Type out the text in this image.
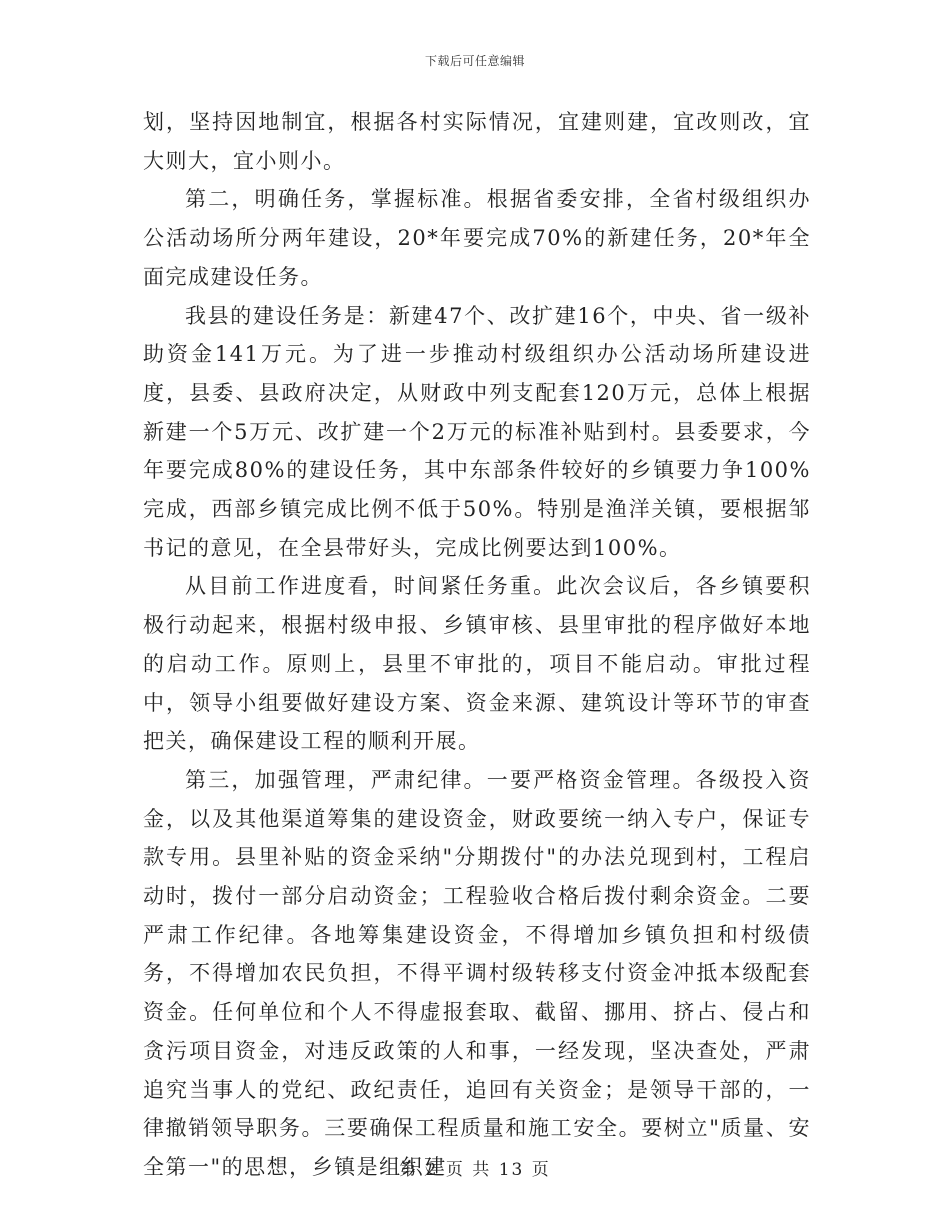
下载后可任意编辑

划，坚持因地制宜，根据各村实际情况，宜建则建，宜改则改，宜大则大，宜小则小。

第二，明确任务，掌握标准。根据省委安排，全省村级组织办公活动场所分两年建设，20*年要完成70%的新建任务，20*年全面完成建设任务。

我县的建设任务是：新建47个、改扩建16个，中央、省一级补助资金141万元。为了进一步推动村级组织办公活动场所建设进度，县委、县政府决定，从财政中列支配套120万元，总体上根据新建一个5万元、改扩建一个2万元的标准补贴到村。县委要求，今年要完成80%的建设任务，其中东部条件较好的乡镇要力争100%完成，西部乡镇完成比例不低于50%。特别是渔洋关镇，要根据邹书记的意见，在全县带好头，完成比例要达到100%。

从目前工作进度看，时间紧任务重。此次会议后，各乡镇要积极行动起来，根据村级申报、乡镇审核、县里审批的程序做好本地的启动工作。原则上，县里不审批的，项目不能启动。审批过程中，领导小组要做好建设方案、资金来源、建筑设计等环节的审查把关，确保建设工程的顺利开展。

第三，加强管理，严肃纪律。一要严格资金管理。各级投入资金，以及其他渠道筹集的建设资金，财政要统一纳入专户，保证专款专用。县里补贴的资金采纳"分期拨付"的办法兑现到村，工程启动时，拨付一部分启动资金；工程验收合格后拨付剩余资金。二要严肃工作纪律。各地筹集建设资金，不得增加乡镇负担和村级债务，不得增加农民负担，不得平调村级转移支付资金冲抵本级配套资金。任何单位和个人不得虚报套取、截留、挪用、挤占、侵占和贪污项目资金，对违反政策的人和事，一经发现，坚决查处，严肃追究当事人的党纪、政纪责任，追回有关资金；是领导干部的，一律撤销领导职务。三要确保工程质量和施工安全。要树立"质量、安全第一"的思想，乡镇是组织建

第 2 页 共 13 页
